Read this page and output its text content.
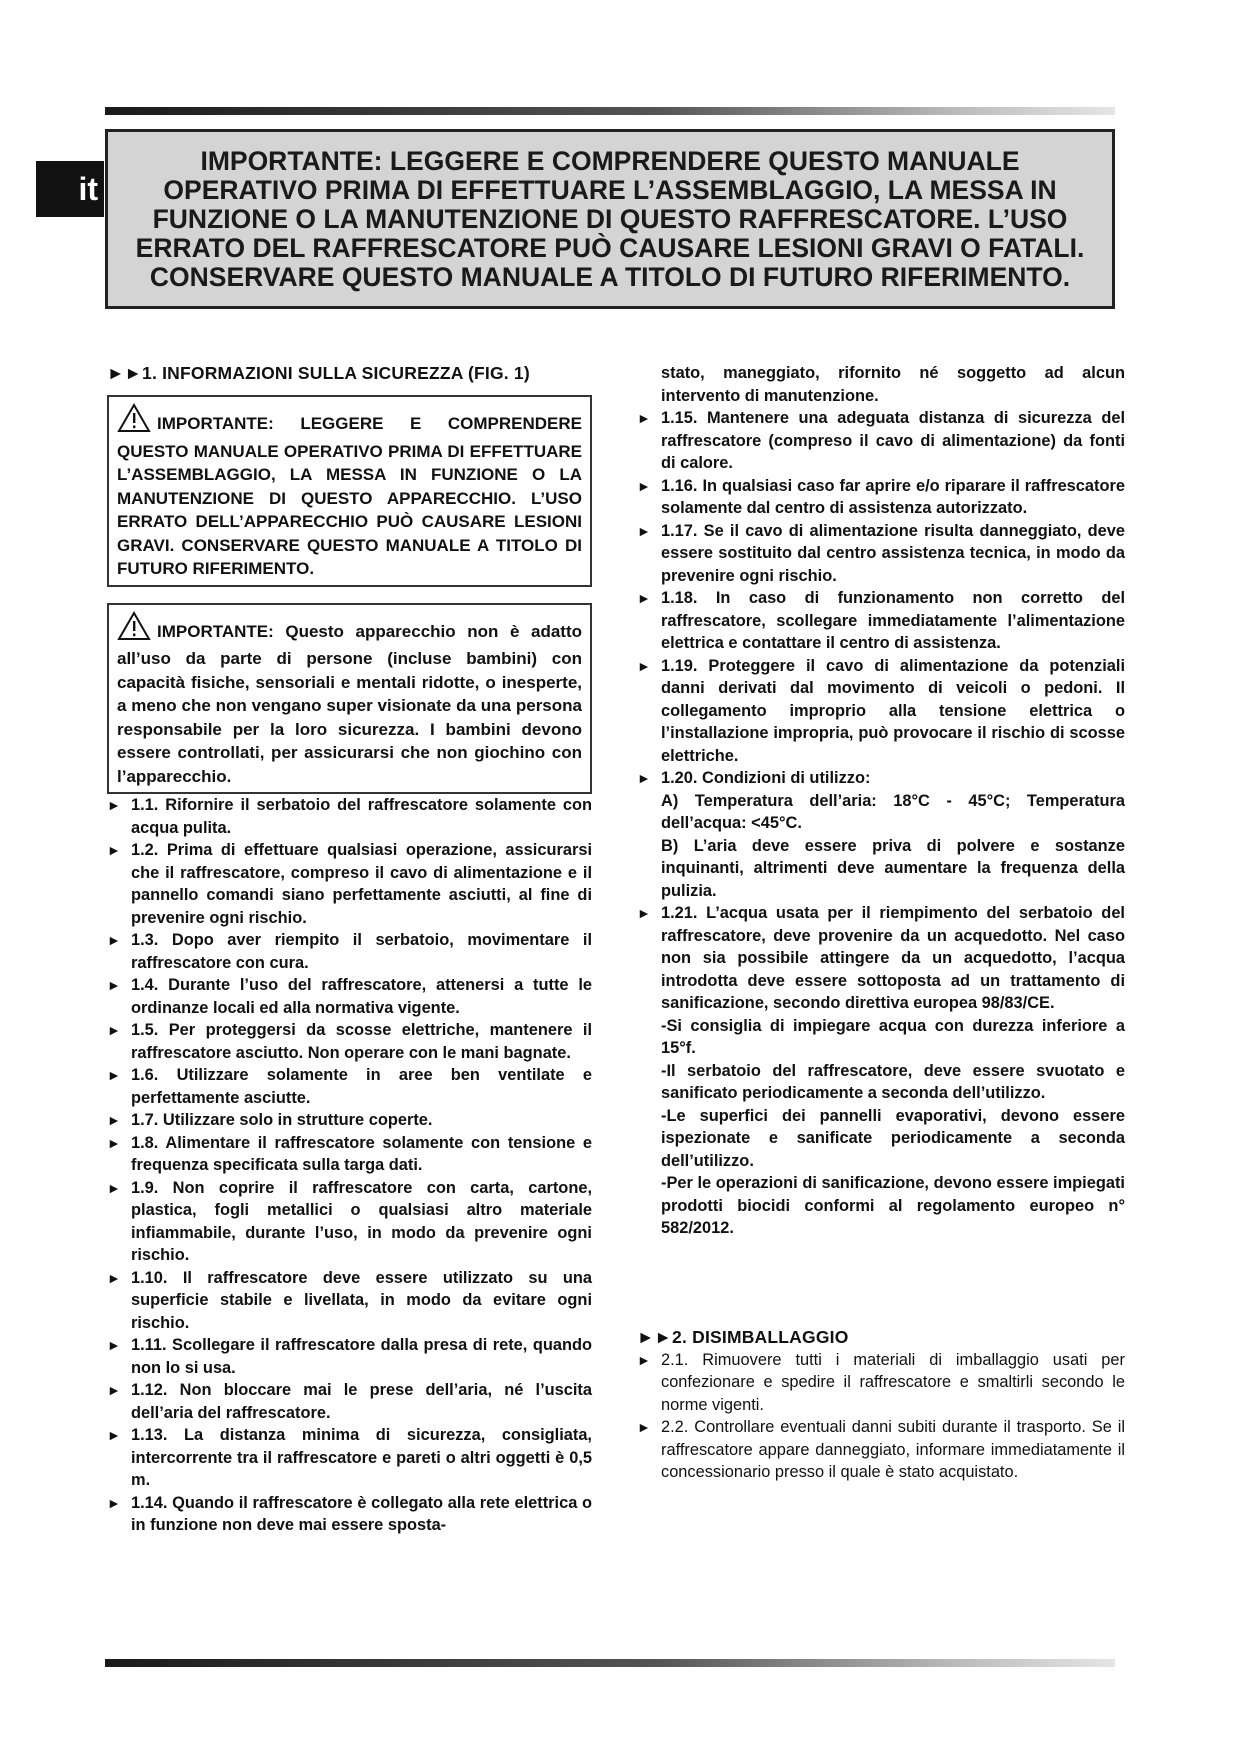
it
IMPORTANTE: LEGGERE E COMPRENDERE QUESTO MANUALE OPERATIVO PRIMA DI EFFETTUARE L’ASSEMBLAGGIO, LA MESSA IN FUNZIONE O LA MANUTENZIONE DI QUESTO RAFFRESCATORE. L’USO ERRATO DEL RAFFRESCATORE PUÒ CAUSARE LESIONI GRAVI O FATALI. CONSERVARE QUESTO MANUALE A TITOLO DI FUTURO RIFERIMENTO.
►►1. INFORMAZIONI SULLA SICUREZZA (FIG. 1)
IMPORTANTE: LEGGERE E COMPRENDERE QUESTO MANUALE OPERATIVO PRIMA DI EFFETTUARE L’ASSEMBLAGGIO, LA MESSA IN FUNZIONE O LA MANUTENZIONE DI QUESTO APPARECCHIO. L’USO ERRATO DELL’APPARECCHIO PUÒ CAUSARE LESIONI GRAVI. CONSERVARE QUESTO MANUALE A TITOLO DI FUTURO RIFERIMENTO.
IMPORTANTE: Questo apparecchio non è adatto all’uso da parte di persone (incluse bambini) con capacità fisiche, sensoriali e mentali ridotte, o inesperte, a meno che non vengano super visionate da una persona responsabile per la loro sicurezza. I bambini devono essere controllati, per assicurarsi che non giochino con l’apparecchio.
► 1.1. Rifornire il serbatoio del raffrescatore solamente con acqua pulita.
► 1.2. Prima di effettuare qualsiasi operazione, assicurarsi che il raffrescatore, compreso il cavo di alimentazione e il pannello comandi siano perfettamente asciutti, al fine di prevenire ogni rischio.
► 1.3. Dopo aver riempito il serbatoio, movimentare il raffrescatore con cura.
► 1.4. Durante l’uso del raffrescatore, attenersi a tutte le ordinanze locali ed alla normativa vigente.
► 1.5. Per proteggersi da scosse elettriche, mantenere il raffrescatore asciutto. Non operare con le mani bagnate.
► 1.6. Utilizzare solamente in aree ben ventilate e perfettamente asciutte.
► 1.7. Utilizzare solo in strutture coperte.
► 1.8. Alimentare il raffrescatore solamente con tensione e frequenza specificata sulla targa dati.
► 1.9. Non coprire il raffrescatore con carta, cartone, plastica, fogli metallici o qualsiasi altro materiale infiammabile, durante l’uso, in modo da prevenire ogni rischio.
► 1.10. Il raffrescatore deve essere utilizzato su una superficie stabile e livellata, in modo da evitare ogni rischio.
► 1.11. Scollegare il raffrescatore dalla presa di rete, quando non lo si usa.
► 1.12. Non bloccare mai le prese dell’aria, né l’uscita dell’aria del raffrescatore.
► 1.13. La distanza minima di sicurezza, consigliata, intercorrente tra il raffrescatore e pareti o altri oggetti è 0,5 m.
► 1.14. Quando il raffrescatore è collegato alla rete elettrica o in funzione non deve mai essere sposta-
stato, maneggiato, rifornito né soggetto ad alcun intervento di manutenzione.
► 1.15. Mantenere una adeguata distanza di sicurezza del raffrescatore (compreso il cavo di alimentazione) da fonti di calore.
► 1.16. In qualsiasi caso far aprire e/o riparare il raffrescatore solamente dal centro di assistenza autorizzato.
► 1.17. Se il cavo di alimentazione risulta danneggiato, deve essere sostituito dal centro assistenza tecnica, in modo da prevenire ogni rischio.
► 1.18. In caso di funzionamento non corretto del raffrescatore, scollegare immediatamente l’alimentazione elettrica e contattare il centro di assistenza.
► 1.19. Proteggere il cavo di alimentazione da potenziali danni derivati dal movimento di veicoli o pedoni. Il collegamento improprio alla tensione elettrica o l’installazione impropria, può provocare il rischio di scosse elettriche.
► 1.20. Condizioni di utilizzo:
A) Temperatura dell’aria: 18°C - 45°C; Temperatura dell’acqua: <45°C.
B) L’aria deve essere priva di polvere e sostanze inquinanti, altrimenti deve aumentare la frequenza della pulizia.
► 1.21. L’acqua usata per il riempimento del serbatoio del raffrescatore, deve provenire da un acquedotto. Nel caso non sia possibile attingere da un acquedotto, l’acqua introdotta deve essere sottoposta ad un trattamento di sanificazione, secondo direttiva europea 98/83/CE.
-Si consiglia di impiegare acqua con durezza inferiore a 15°f.
-Il serbatoio del raffrescatore, deve essere svuotato e sanificato periodicamente a seconda dell’utilizzo.
-Le superfici dei pannelli evaporativi, devono essere ispezionate e sanificate periodicamente a seconda dell’utilizzo.
-Per le operazioni di sanificazione, devono essere impiegati prodotti biocidi conformi al regolamento europeo n° 582/2012.
►►2. DISIMBALLAGGIO
► 2.1. Rimuovere tutti i materiali di imballaggio usati per confezionare e spedire il raffrescatore e smaltirli secondo le norme vigenti.
► 2.2. Controllare eventuali danni subiti durante il trasporto. Se il raffrescatore appare danneggiato, informare immediatamente il concessionario presso il quale è stato acquistato.
